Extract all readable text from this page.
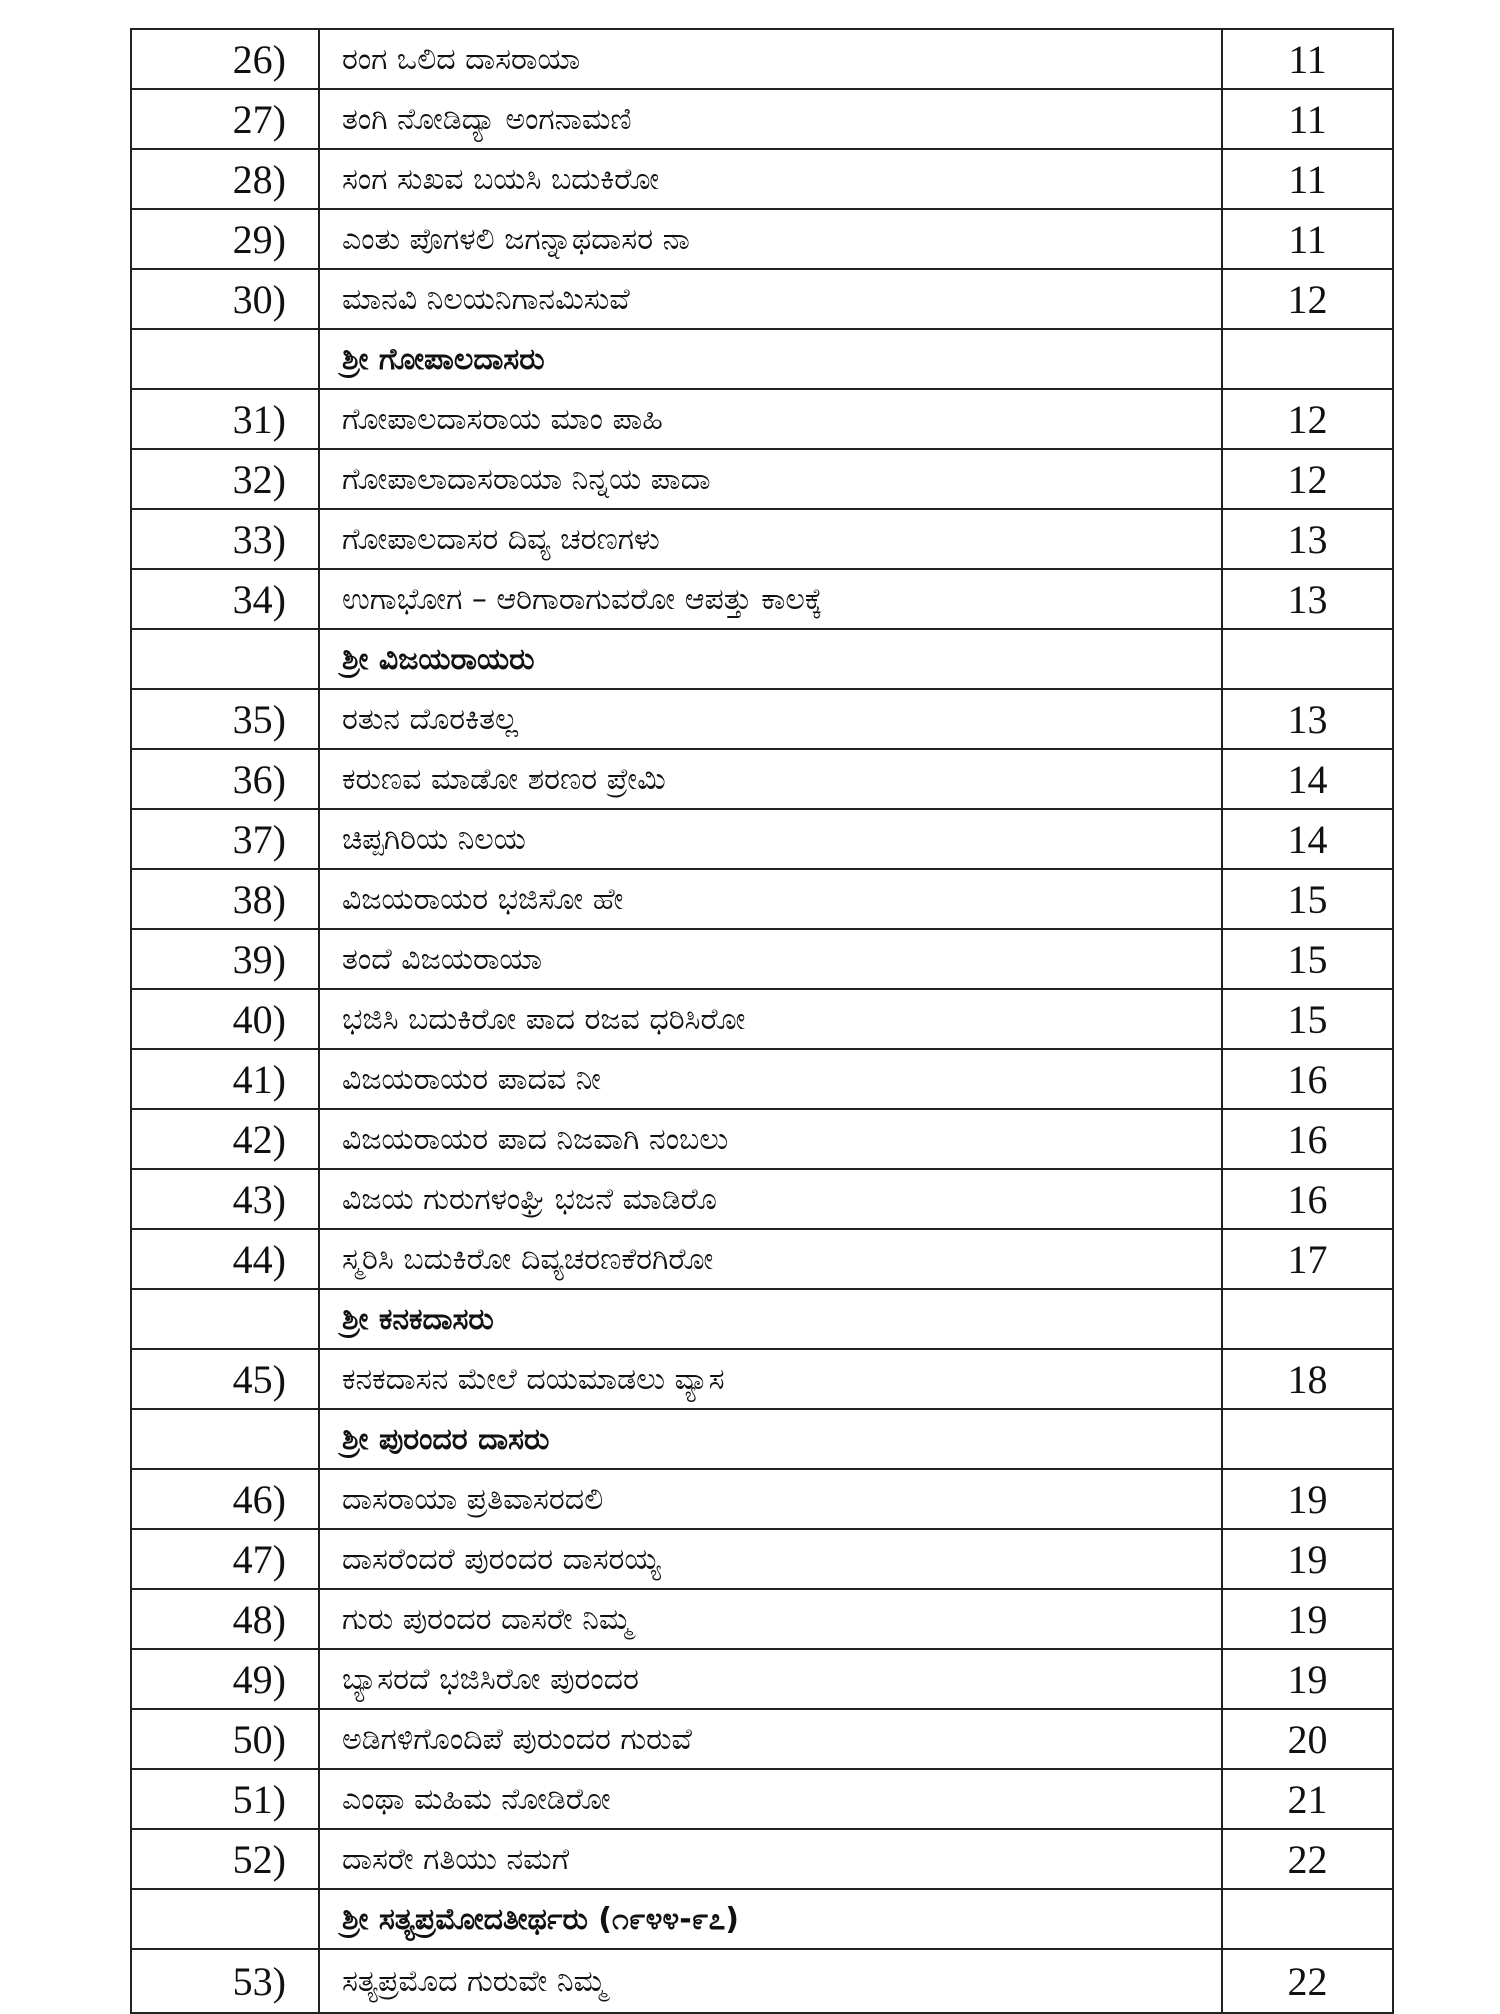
26)	ರಂಗ ಒಲಿದ ದಾಸರಾಯಾ	11
27)	ತಂಗಿ ನೋಡಿದ್ಯಾ ಅಂಗನಾಮಣಿ	11
28)	ಸಂಗ ಸುಖವ ಬಯಸಿ ಬದುಕಿರೋ	11
29)	ಎಂತು ಪೊಗಳಲಿ ಜಗನ್ನಾಥದಾಸರ ನಾ	11
30)	ಮಾನವಿ ನಿಲಯನಿಗಾನಮಿಸುವೆ	12
	ಶ್ರೀ ಗೋಪಾಲದಾಸರು	
31)	ಗೋಪಾಲದಾಸರಾಯ ಮಾಂ ಪಾಹಿ	12
32)	ಗೋಪಾಲಾದಾಸರಾಯಾ ನಿನ್ನಯ ಪಾದಾ	12
33)	ಗೋಪಾಲದಾಸರ ದಿವ್ಯ ಚರಣಗಳು	13
34)	ಉಗಾಭೋಗ – ಆರಿಗಾರಾಗುವರೋ ಆಪತ್ತು ಕಾಲಕ್ಕೆ	13
	ಶ್ರೀ ವಿಜಯರಾಯರು	
35)	ರತುನ ದೊರಕಿತಲ್ಲ	13
36)	ಕರುಣವ ಮಾಡೋ ಶರಣರ ಪ್ರೇಮಿ	14
37)	ಚಿಪ್ಪಗಿರಿಯ ನಿಲಯ	14
38)	ವಿಜಯರಾಯರ ಭಜಿಸೋ ಹೇ	15
39)	ತಂದೆ ವಿಜಯರಾಯಾ	15
40)	ಭಜಿಸಿ ಬದುಕಿರೋ ಪಾದ ರಜವ ಧರಿಸಿರೋ	15
41)	ವಿಜಯರಾಯರ ಪಾದವ ನೀ	16
42)	ವಿಜಯರಾಯರ ಪಾದ ನಿಜವಾಗಿ ನಂಬಲು	16
43)	ವಿಜಯ ಗುರುಗಳಂಘ್ರಿ ಭಜನೆ ಮಾಡಿರೊ	16
44)	ಸ್ಮರಿಸಿ ಬದುಕಿರೋ ದಿವ್ಯಚರಣಕೆರಗಿರೋ	17
	ಶ್ರೀ ಕನಕದಾಸರು	
45)	ಕನಕದಾಸನ ಮೇಲೆ ದಯಮಾಡಲು ವ್ಯಾಸ	18
	ಶ್ರೀ ಪುರಂದರ ದಾಸರು	
46)	ದಾಸರಾಯಾ ಪ್ರತಿವಾಸರದಲಿ	19
47)	ದಾಸರೆಂದರೆ ಪುರಂದರ ದಾಸರಯ್ಯ	19
48)	ಗುರು ಪುರಂದರ ದಾಸರೇ ನಿಮ್ಮ	19
49)	ಬ್ಯಾಸರದೆ ಭಜಿಸಿರೋ ಪುರಂದರ	19
50)	ಅಡಿಗಳಿಗೊಂದಿಪೆ ಪುರುಂದರ ಗುರುವೆ	20
51)	ಎಂಥಾ ಮಹಿಮ ನೋಡಿರೋ	21
52)	ದಾಸರೇ ಗತಿಯು ನಮಗೆ	22
	ಶ್ರೀ ಸತ್ಯಪ್ರಮೋದತೀರ್ಥರು (೧೯೪೪-೯೭)	
53)	ಸತ್ಯಪ್ರಮೊದ ಗುರುವೇ ನಿಮ್ಮ	22
